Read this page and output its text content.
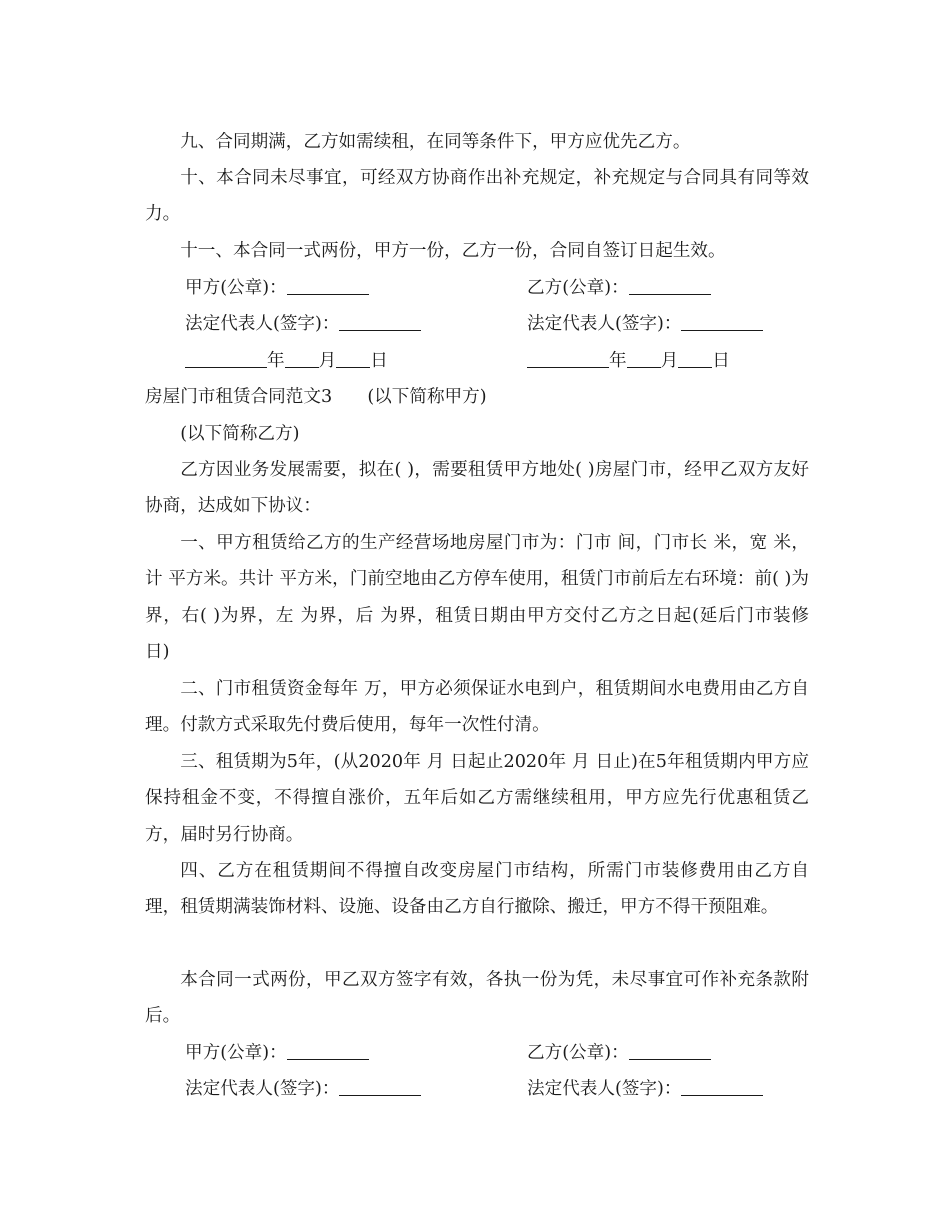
九、合同期满，乙方如需续租，在同等条件下，甲方应优先乙方。
十、本合同未尽事宜，可经双方协商作出补充规定，补充规定与合同具有同等效力。
十一、本合同一式两份，甲方一份，乙方一份，合同自签订日起生效。
甲方(公章)：	乙方(公章)：
法定代表人(签字)：	法定代表人(签字)：
年 月 日	年 月 日
房屋门市租赁合同范文3　　(以下简称甲方)
(以下简称乙方)
乙方因业务发展需要，拟在( )，需要租赁甲方地处( )房屋门市，经甲乙双方友好协商，达成如下协议：
一、甲方租赁给乙方的生产经营场地房屋门市为：门市 间，门市长 米，宽 米，计 平方米。共计 平方米，门前空地由乙方停车使用，租赁门市前后左右环境：前( )为界，右( )为界，左 为界，后 为界，租赁日期由甲方交付乙方之日起(延后门市装修 日)
二、门市租赁资金每年 万，甲方必须保证水电到户，租赁期间水电费用由乙方自理。付款方式采取先付费后使用，每年一次性付清。
三、租赁期为5年，(从2020年 月 日起止2020年 月 日止)在5年租赁期内甲方应保持租金不变，不得擅自涨价，五年后如乙方需继续租用，甲方应先行优惠租赁乙方，届时另行协商。
四、乙方在租赁期间不得擅自改变房屋门市结构，所需门市装修费用由乙方自理，租赁期满装饰材料、设施、设备由乙方自行撤除、搬迁，甲方不得干预阻难。
本合同一式两份，甲乙双方签字有效，各执一份为凭，未尽事宜可作补充条款附后。
甲方(公章)：	乙方(公章)：
法定代表人(签字)：	法定代表人(签字)：
